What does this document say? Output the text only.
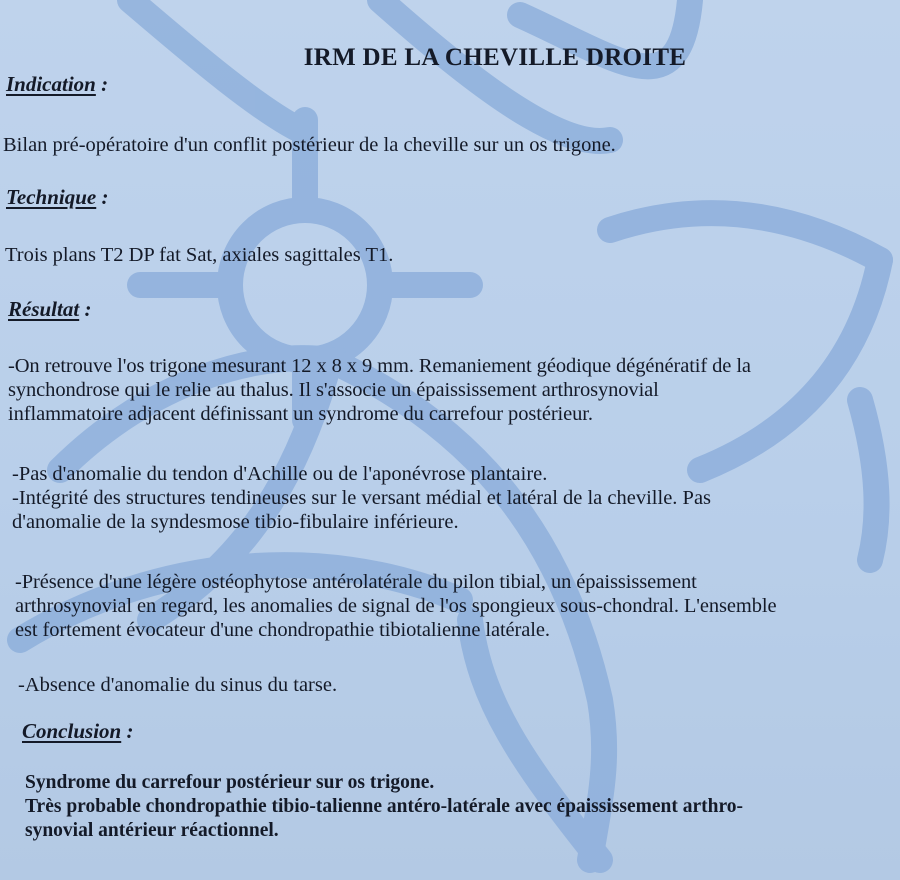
IRM DE LA CHEVILLE DROITE
Indication :
Bilan pré-opératoire d'un conflit postérieur de la cheville sur un os trigone.
Technique :
Trois plans T2 DP fat Sat, axiales sagittales T1.
Résultat :
-On retrouve l'os trigone mesurant 12 x 8 x 9 mm. Remaniement géodique dégénératif de la
synchondrose qui le relie au thalus. Il s'associe un épaississement arthrosynovial
inflammatoire adjacent définissant un syndrome du carrefour postérieur.
-Pas d'anomalie du tendon d'Achille ou de l'aponévrose plantaire.
-Intégrité des structures tendineuses sur le versant médial et latéral de la cheville. Pas
d'anomalie de la syndesmose tibio-fibulaire inférieure.
-Présence d'une légère ostéophytose antérolatérale du pilon tibial, un épaississement
arthrosynovial en regard, les anomalies de signal de l'os spongieux sous-chondral. L'ensemble
est fortement évocateur d'une chondropathie tibiotalienne latérale.
-Absence d'anomalie du sinus du tarse.
Conclusion :
Syndrome du carrefour postérieur sur os trigone.
Très probable chondropathie tibio-talienne antéro-latérale avec épaississement arthro-
synovial antérieur réactionnel.
